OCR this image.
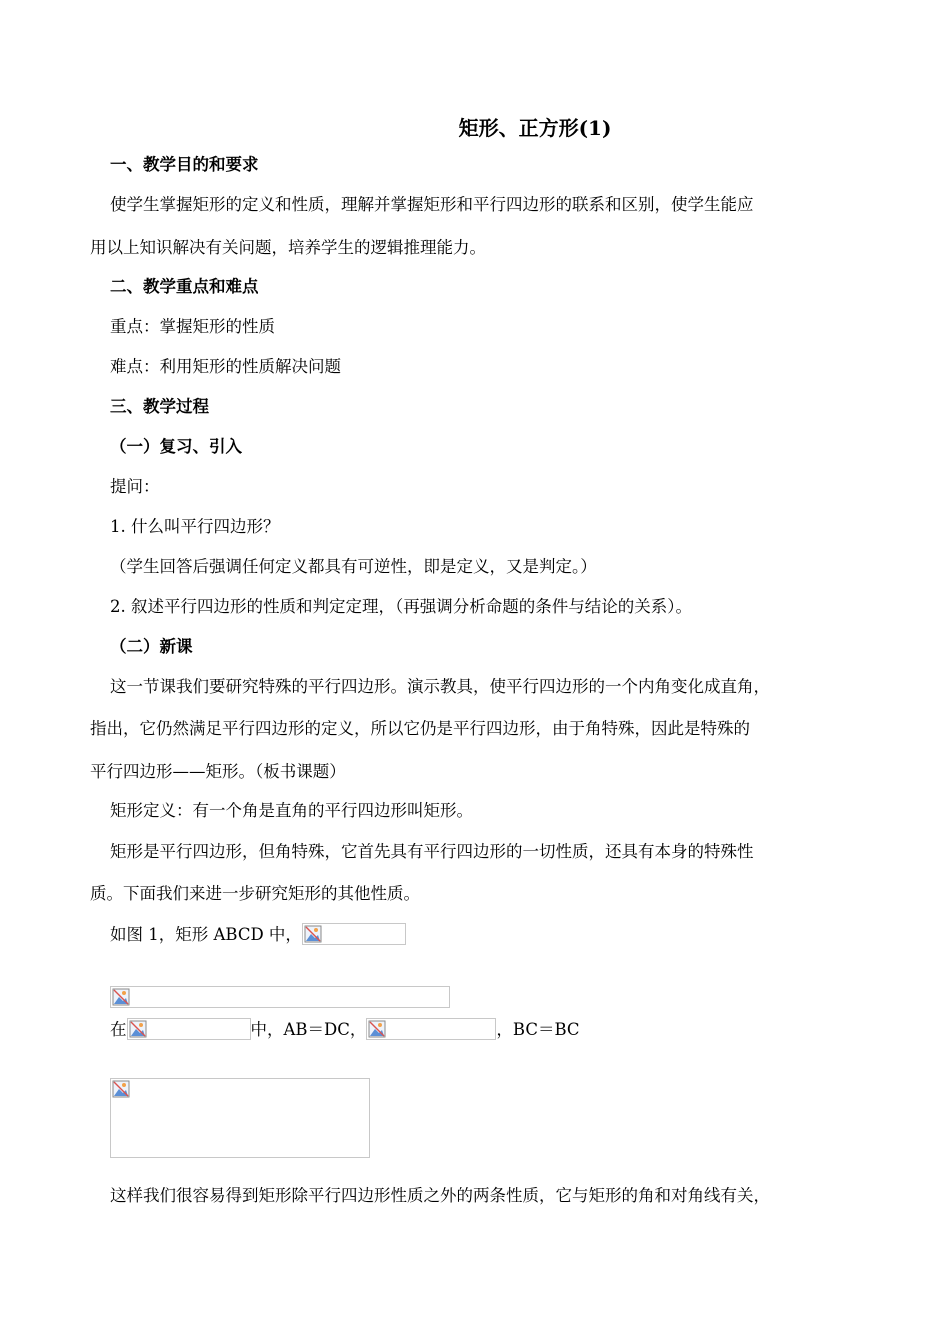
矩形、正方形(1)
一、教学目的和要求
使学生掌握矩形的定义和性质，理解并掌握矩形和平行四边形的联系和区别，使学生能应
用以上知识解决有关问题，培养学生的逻辑推理能力。
二、教学重点和难点
重点：掌握矩形的性质
难点：利用矩形的性质解决问题
三、教学过程
（一）复习、引入
提问：
1. 什么叫平行四边形？
（学生回答后强调任何定义都具有可逆性，即是定义，又是判定。）
2. 叙述平行四边形的性质和判定定理，（再强调分析命题的条件与结论的关系）。
（二）新课
这一节课我们要研究特殊的平行四边形。演示教具，使平行四边形的一个内角变化成直角，
指出，它仍然满足平行四边形的定义，所以它仍是平行四边形，由于角特殊，因此是特殊的
平行四边形——矩形。（板书课题）
矩形定义：有一个角是直角的平行四边形叫矩形。
矩形是平行四边形，但角特殊，它首先具有平行四边形的一切性质，还具有本身的特殊性
质。下面我们来进一步研究矩形的其他性质。
如图 1，矩形 ABCD 中，
在	中，AB＝DC，	，BC＝BC
这样我们很容易得到矩形除平行四边形性质之外的两条性质，它与矩形的角和对角线有关，
